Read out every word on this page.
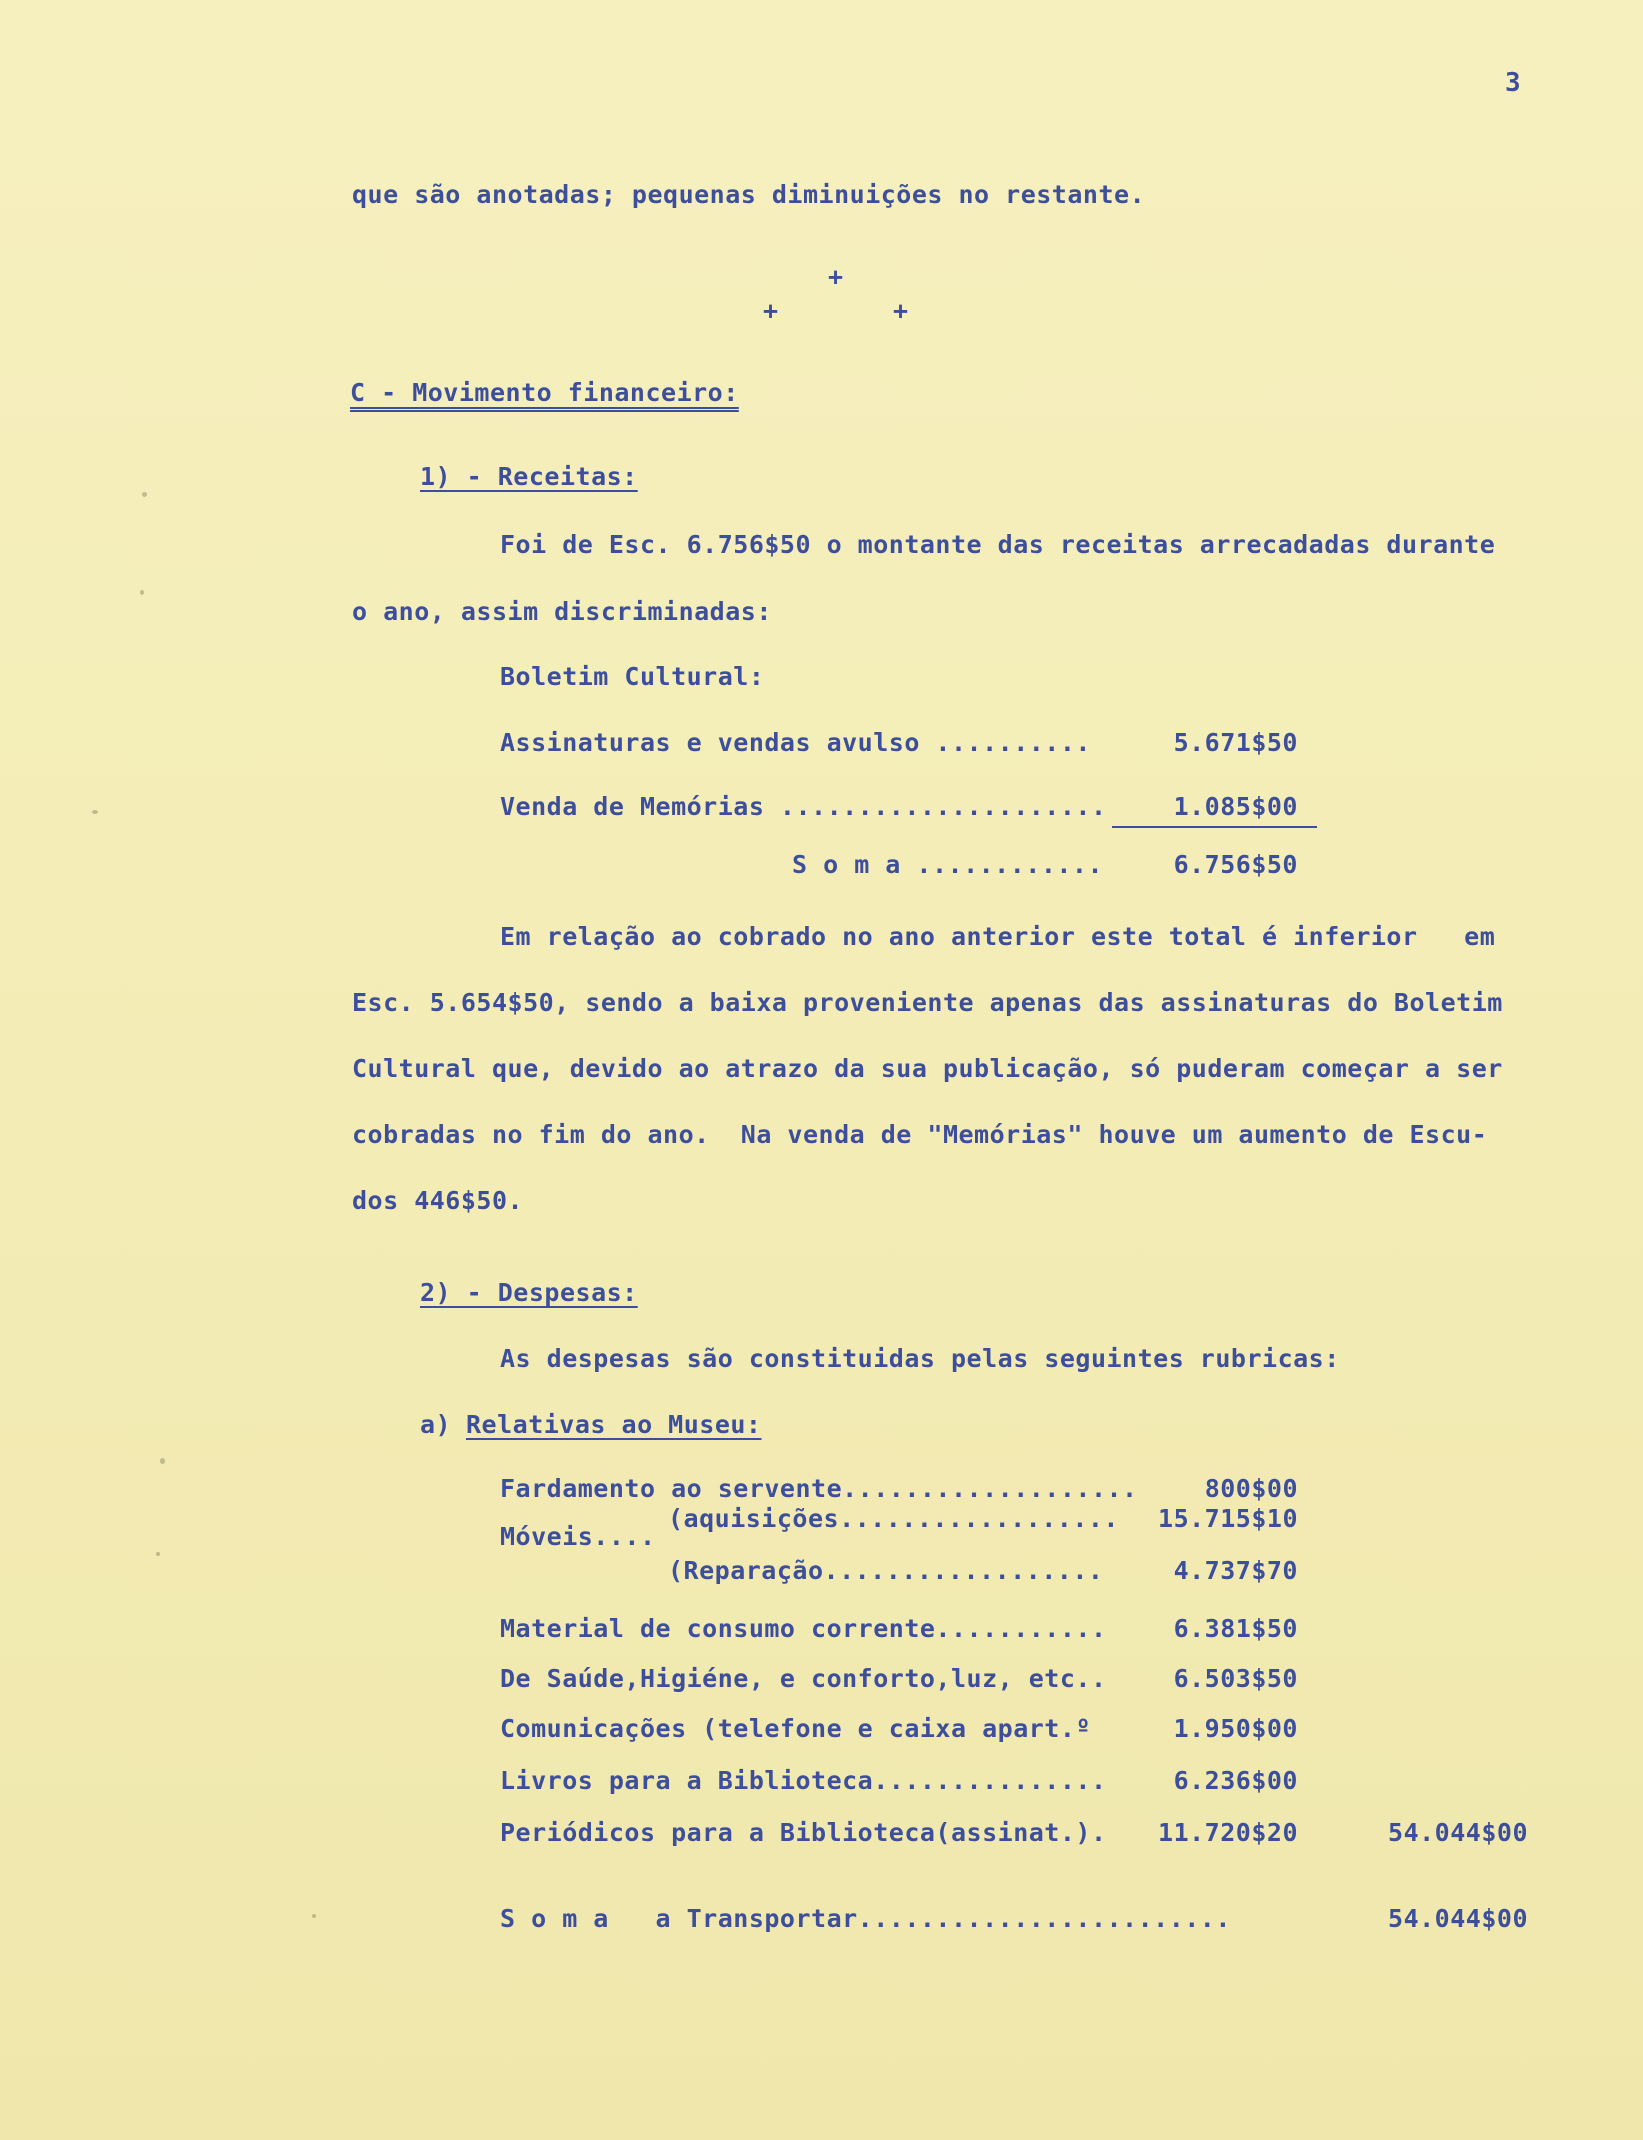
3
que são anotadas; pequenas diminuições no restante.
+
+	+
C - Movimento financeiro:
1) - Receitas:
Foi de Esc. 6.756$50 o montante das receitas arrecadadas durante
o ano, assim discriminadas:
Boletim Cultural:
Assinaturas e vendas avulso ..........	5.671$50
Venda de Memórias .....................	1.085$00
S o m a ............	6.756$50
Em relação ao cobrado no ano anterior este total é inferior   em
Esc. 5.654$50, sendo a baixa proveniente apenas das assinaturas do Boletim
Cultural que, devido ao atrazo da sua publicação, só puderam começar a ser
cobradas no fim do ano.  Na venda de "Memórias" houve um aumento de Escu-
dos 446$50.
2) - Despesas:
As despesas são constituidas pelas seguintes rubricas:
a) Relativas ao Museu:
Fardamento ao servente...................	800$00
Móveis....
(aquisições..................	15.715$10
(Reparação..................	4.737$70
Material de consumo corrente...........	6.381$50
De Saúde,Higiéne, e conforto,luz, etc..	6.503$50
Comunicações (telefone e caixa apart.º	1.950$00
Livros para a Biblioteca...............	6.236$00
Periódicos para a Biblioteca(assinat.).	11.720$20	54.044$00
S o m a   a Transportar........................	54.044$00
